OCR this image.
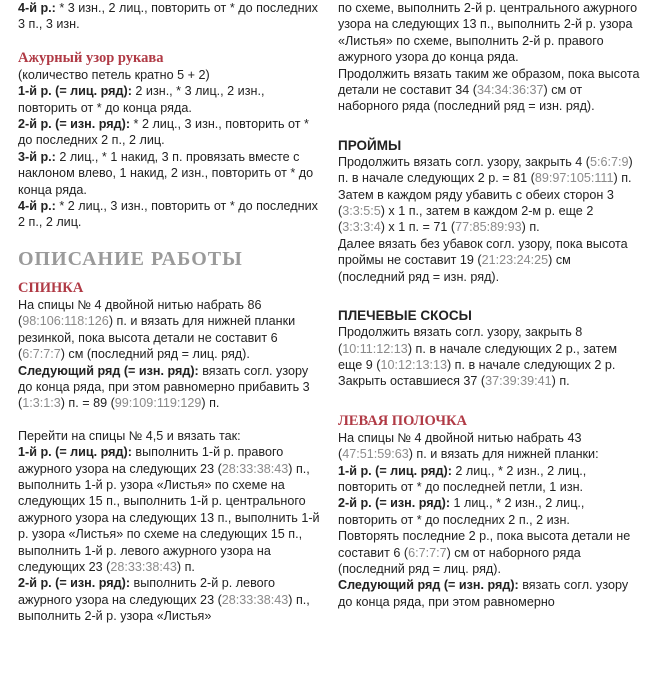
4-й р.: * 3 изн., 2 лиц., повторить от * до последних 3 п., 3 изн.

Ажурный узор рукава

(количество петель кратно 5 + 2)

1-й р. (= лиц. ряд): 2 изн., * 3 лиц., 2 изн., повторить от * до конца ряда.

2-й р. (= изн. ряд): * 2 лиц., 3 изн., повторить от * до последних 2 п., 2 лиц.

3-й р.: 2 лиц., * 1 накид, 3 п. провязать вместе с наклоном влево, 1 накид, 2 изн., повторить от * до конца ряда.

4-й р.: * 2 лиц., 3 изн., повторить от * до последних 2 п., 2 лиц.

ОПИСАНИЕ РАБОТЫ
СПИНКА

На спицы № 4 двойной нитью набрать 86 (98:106:118:126) п. и вязать для нижней планки резинкой, пока высота детали не составит 6 (6:7:7:7) см (последний ряд = лиц. ряд).

Следующий ряд (= изн. ряд): вязать согл. узору до конца ряда, при этом равномерно прибавить 3 (1:3:1:3) п. = 89 (99:109:119:129) п.

Перейти на спицы № 4,5 и вязать так:

1-й р. (= лиц. ряд): выполнить 1-й р. правого ажурного узора на следующих 23 (28:33:38:43) п., выполнить 1-й р. узора «Листья» по схеме на следующих 15 п., выполнить 1-й р. центрального ажурного узора на следующих 13 п., выполнить 1-й р. узора «Листья» по схеме на следующих 15 п., выполнить 1-й р. левого ажурного узора на следующих 23 (28:33:38:43) п.

2-й р. (= изн. ряд): выполнить 2-й р. левого ажурного узора на следующих 23 (28:33:38:43) п., выполнить 2-й р. узора «Листья»

по схеме, выполнить 2-й р. центрального ажурного узора на следующих 13 п., выполнить 2-й р. узора «Листья» по схеме, выполнить 2-й р. правого ажурного узора до конца ряда.

Продолжить вязать таким же образом, пока высота детали не составит 34 (34:34:36:37) см от наборного ряда (последний ряд = изн. ряд).

ПРОЙМЫ

Продолжить вязать согл. узору, закрыть 4 (5:6:7:9) п. в начале следующих 2 р. = 81 (89:97:105:111) п.

Затем в каждом ряду убавить с обеих сторон 3 (3:3:5:5) х 1 п., затем в каждом 2-м р. еще 2 (3:3:3:4) х 1 п. = 71 (77:85:89:93) п.

Далее вязать без убавок согл. узору, пока высота проймы не составит 19 (21:23:24:25) см (последний ряд = изн. ряд).

ПЛЕЧЕВЫЕ СКОСЫ

Продолжить вязать согл. узору, закрыть 8 (10:11:12:13) п. в начале следующих 2 р., затем еще 9 (10:12:13:13) п. в начале следующих 2 р.

Закрыть оставшиеся 37 (37:39:39:41) п.

ЛЕВАЯ ПОЛОЧКА

На спицы № 4 двойной нитью набрать 43 (47:51:59:63) п. и вязать для нижней планки:

1-й р. (= лиц. ряд): 2 лиц., * 2 изн., 2 лиц., повторить от * до последней петли, 1 изн.

2-й р. (= изн. ряд): 1 лиц., * 2 изн., 2 лиц., повторить от * до последних 2 п., 2 изн.

Повторять последние 2 р., пока высота детали не составит 6 (6:7:7:7) см от наборного ряда (последний ряд = лиц. ряд).

Следующий ряд (= изн. ряд): вязать согл. узору до конца ряда, при этом равномерно
